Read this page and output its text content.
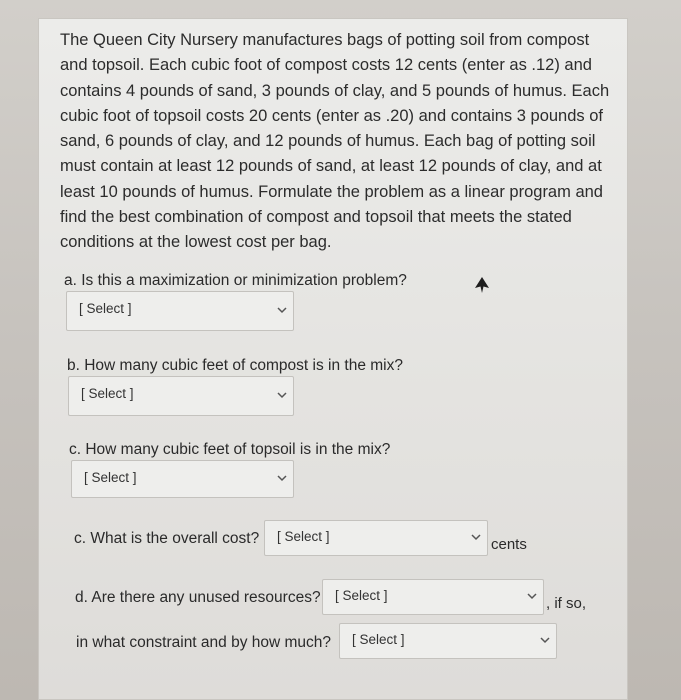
The Queen City Nursery manufactures bags of potting soil from compost and topsoil. Each cubic foot of compost costs 12 cents (enter as .12) and contains 4 pounds of sand, 3 pounds of clay, and 5 pounds of humus. Each cubic foot of topsoil costs 20 cents (enter as .20) and contains 3 pounds of sand, 6 pounds of clay, and 12 pounds of humus. Each bag of potting soil must contain at least 12 pounds of sand, at least 12 pounds of clay, and at least 10 pounds of humus. Formulate the problem as a linear program and find the best combination of compost and topsoil that meets the stated conditions at the lowest cost per bag.

a. Is this a maximization or minimization problem?
[ Select ]
b. How many cubic feet of compost is in the mix?
[ Select ]
c. How many cubic feet of topsoil is in the mix?
[ Select ]
c. What is the overall cost? [ Select ]	cents
d. Are there any unused resources? [ Select ]	, if so,
in what constraint and by how much? [ Select ]
